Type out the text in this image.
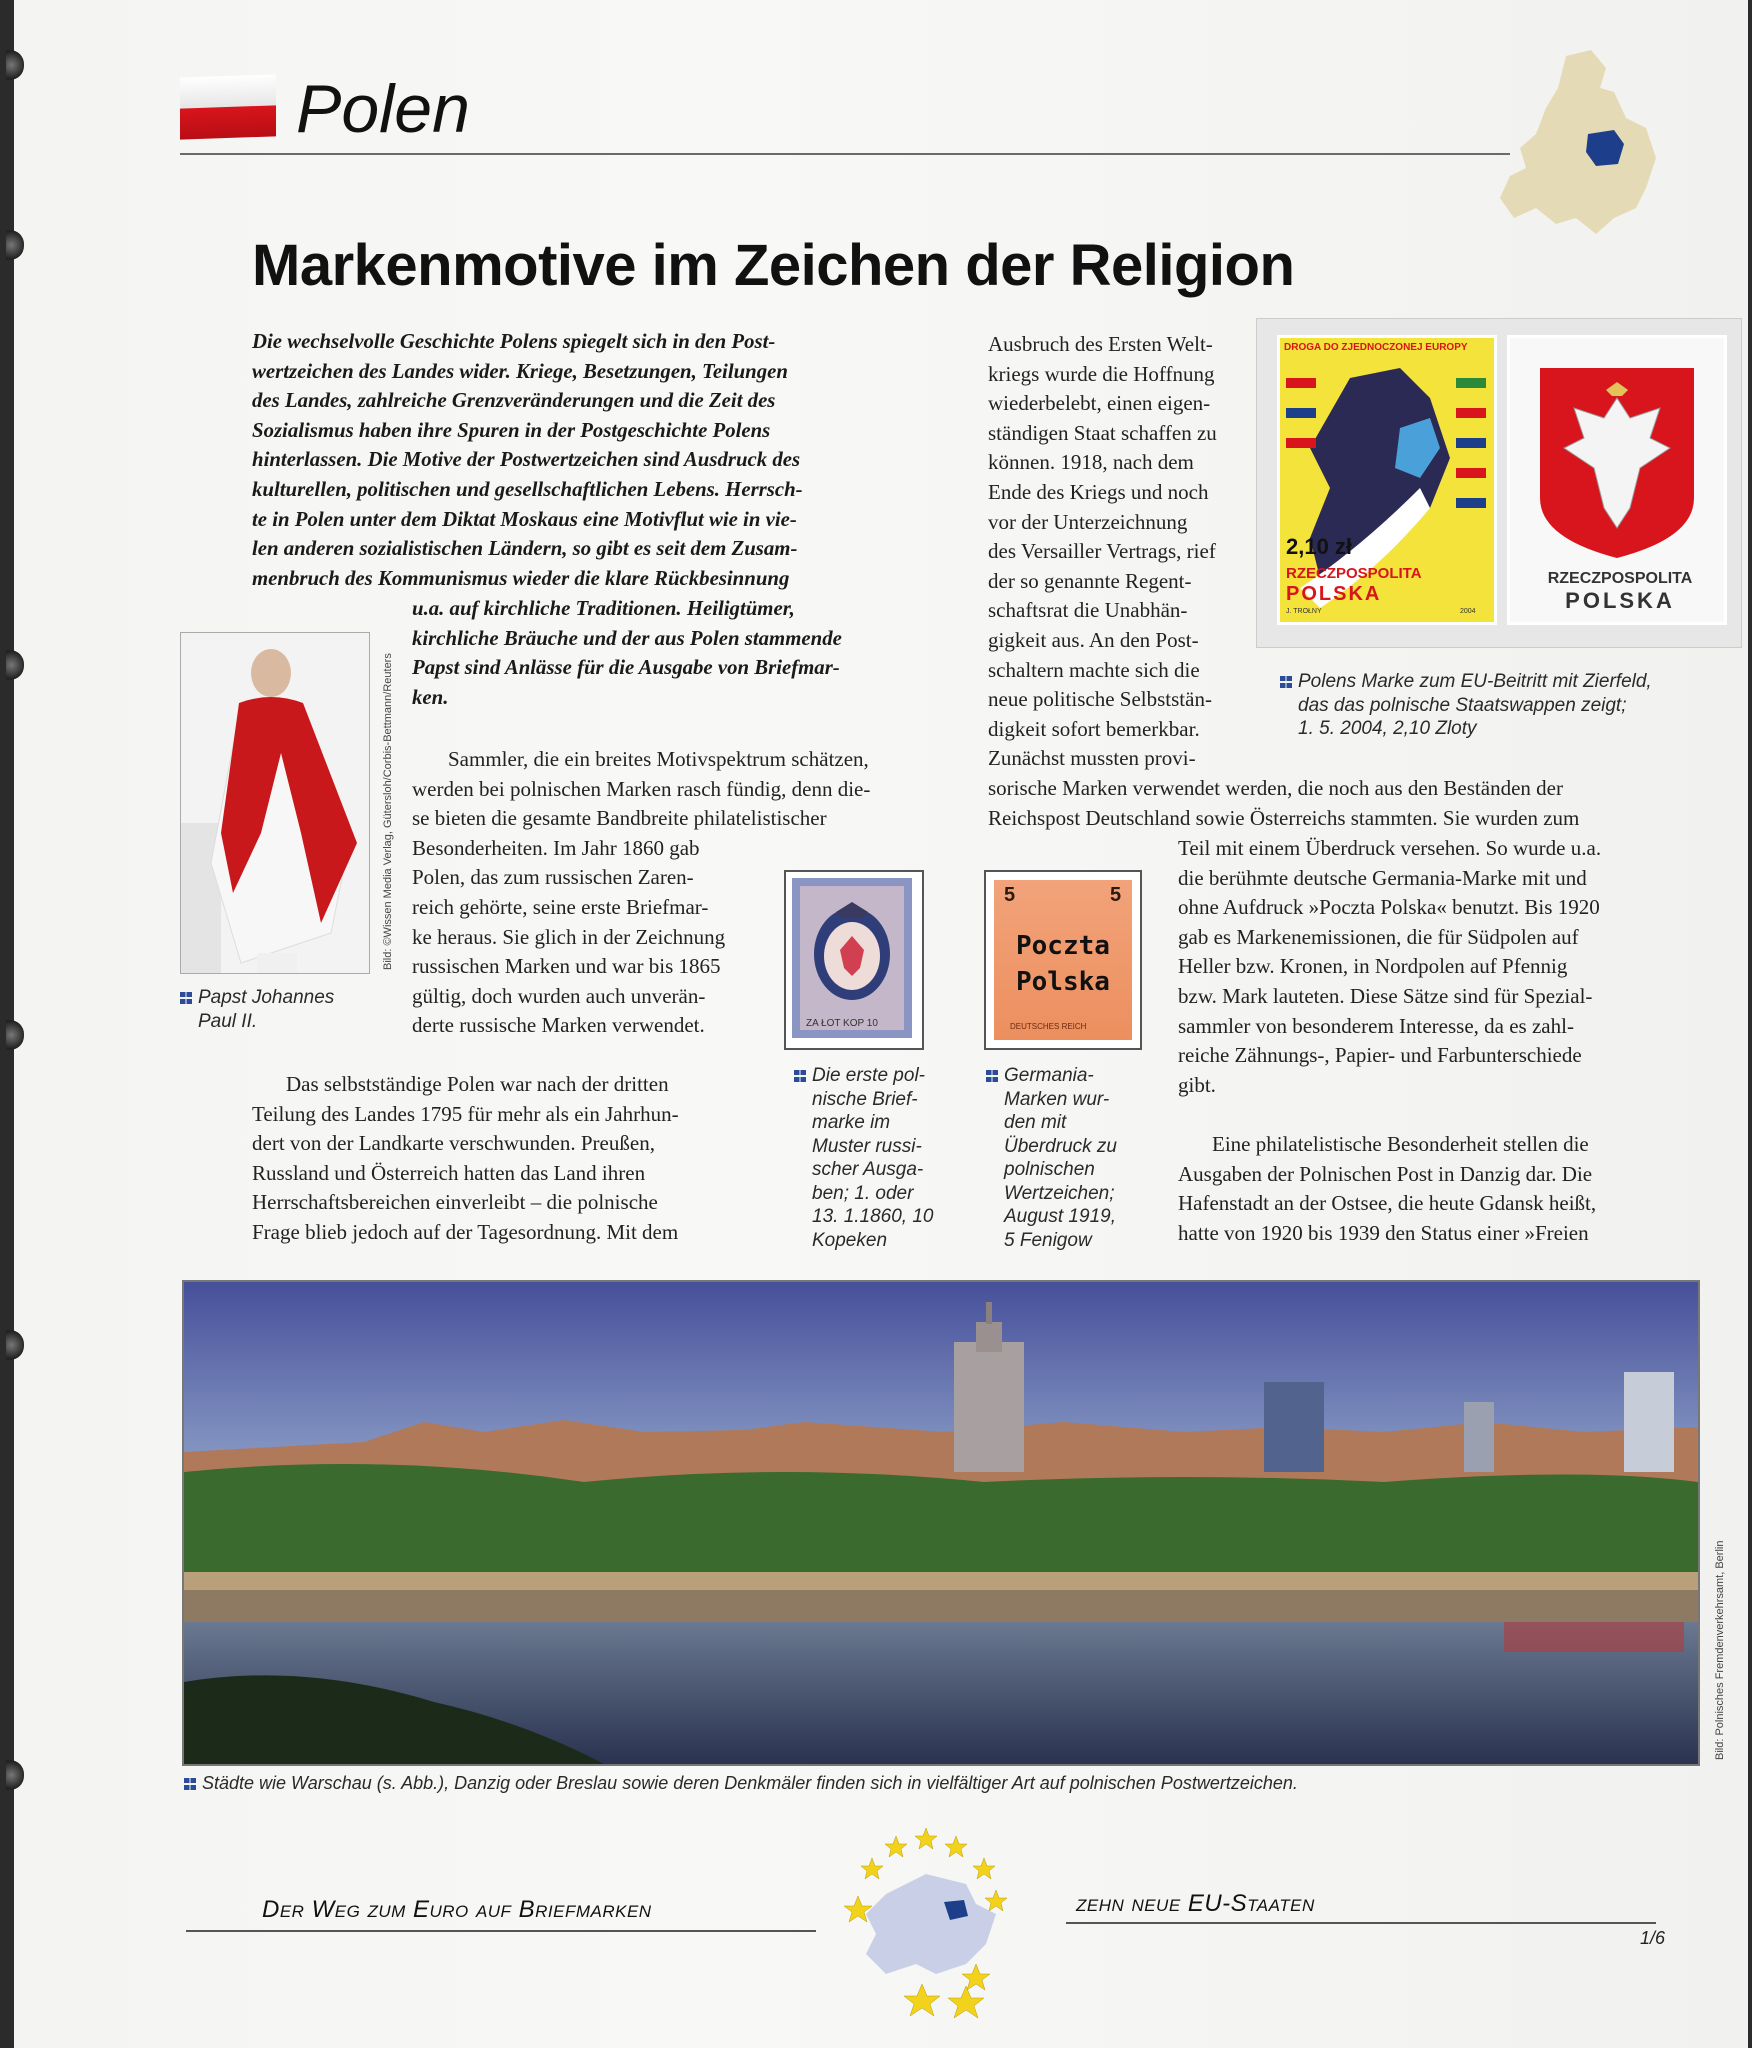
Polen
Markenmotive im Zeichen der Religion
Die wechselvolle Geschichte Polens spiegelt sich in den Post-
wertzeichen des Landes wider. Kriege, Besetzungen, Teilungen
des Landes, zahlreiche Grenzveränderungen und die Zeit des
Sozialismus haben ihre Spuren in der Postgeschichte Polens
hinterlassen. Die Motive der Postwertzeichen sind Ausdruck des
kulturellen, politischen und gesellschaftlichen Lebens. Herrsch-
te in Polen unter dem Diktat Moskaus eine Motivflut wie in vie-
len anderen sozialistischen Ländern, so gibt es seit dem Zusam-
menbruch des Kommunismus wieder die klare Rückbesinnung
u.a. auf kirchliche Traditionen. Heiligtümer,
kirchliche Bräuche und der aus Polen stammende
Papst sind Anlässe für die Ausgabe von Briefmar-
ken.
Bild: ©Wissen Media Verlag, Gütersloh/Corbis-Bettmann/Reuters
Papst Johannes
Paul II.
Sammler, die ein breites Motivspektrum schätzen,
werden bei polnischen Marken rasch fündig, denn die-
se bieten die gesamte Bandbreite philatelistischer
Besonderheiten. Im Jahr 1860 gab
Polen, das zum russischen Zaren-
reich gehörte, seine erste Briefmar-
ke heraus. Sie glich in der Zeichnung
russischen Marken und war bis 1865
gültig, doch wurden auch unverän-
derte russische Marken verwendet.
Das selbstständige Polen war nach der dritten
Teilung des Landes 1795 für mehr als ein Jahrhun-
dert von der Landkarte verschwunden. Preußen,
Russland und Österreich hatten das Land ihren
Herrschaftsbereichen einverleibt – die polnische
Frage blieb jedoch auf der Tagesordnung. Mit dem
ZA ŁOT KOP 10
Die erste pol-
nische Brief-
marke im
Muster russi-
scher Ausga-
ben; 1. oder
13. 1.1860, 10
Kopeken
5	5
Poczta
Polska
DEUTSCHES REICH
Germania-
Marken wur-
den mit
Überdruck zu
polnischen
Wertzeichen;
August 1919,
5 Fenigow
Ausbruch des Ersten Welt-
kriegs wurde die Hoffnung
wiederbelebt, einen eigen-
ständigen Staat schaffen zu
können. 1918, nach dem
Ende des Kriegs und noch
vor der Unterzeichnung
des Versailler Vertrags, rief
der so genannte Regent-
schaftsrat die Unabhän-
gigkeit aus. An den Post-
schaltern machte sich die
neue politische Selbststän-
digkeit sofort bemerkbar.
Zunächst mussten provi-
sorische Marken verwendet werden, die noch aus den Beständen der
Reichspost Deutschland sowie Österreichs stammten. Sie wurden zum
DROGA DO ZJEDNOCZONEJ EUROPY
2,10 zł
RZECZPOSPOLITA
POLSKA
J. TROŁNY	2004
RZECZPOSPOLITA
POLSKA
Polens Marke zum EU-Beitritt mit Zierfeld,
das das polnische Staatswappen zeigt;
1. 5. 2004, 2,10 Zloty
Teil mit einem Überdruck versehen. So wurde u.a.
die berühmte deutsche Germania-Marke mit und
ohne Aufdruck »Poczta Polska« benutzt. Bis 1920
gab es Markenemissionen, die für Südpolen auf
Heller bzw. Kronen, in Nordpolen auf Pfennig
bzw. Mark lauteten. Diese Sätze sind für Spezial-
sammler von besonderem Interesse, da es zahl-
reiche Zähnungs-, Papier- und Farbunterschiede
gibt.
Eine philatelistische Besonderheit stellen die
Ausgaben der Polnischen Post in Danzig dar. Die
Hafenstadt an der Ostsee, die heute Gdansk heißt,
hatte von 1920 bis 1939 den Status einer »Freien
Bild: Polnisches Fremdenverkehrsamt, Berlin
Städte wie Warschau (s. Abb.), Danzig oder Breslau sowie deren Denkmäler finden sich in vielfältiger Art auf polnischen Postwertzeichen.
Der Weg zum Euro auf Briefmarken	zehn neue EU-Staaten
1/6
